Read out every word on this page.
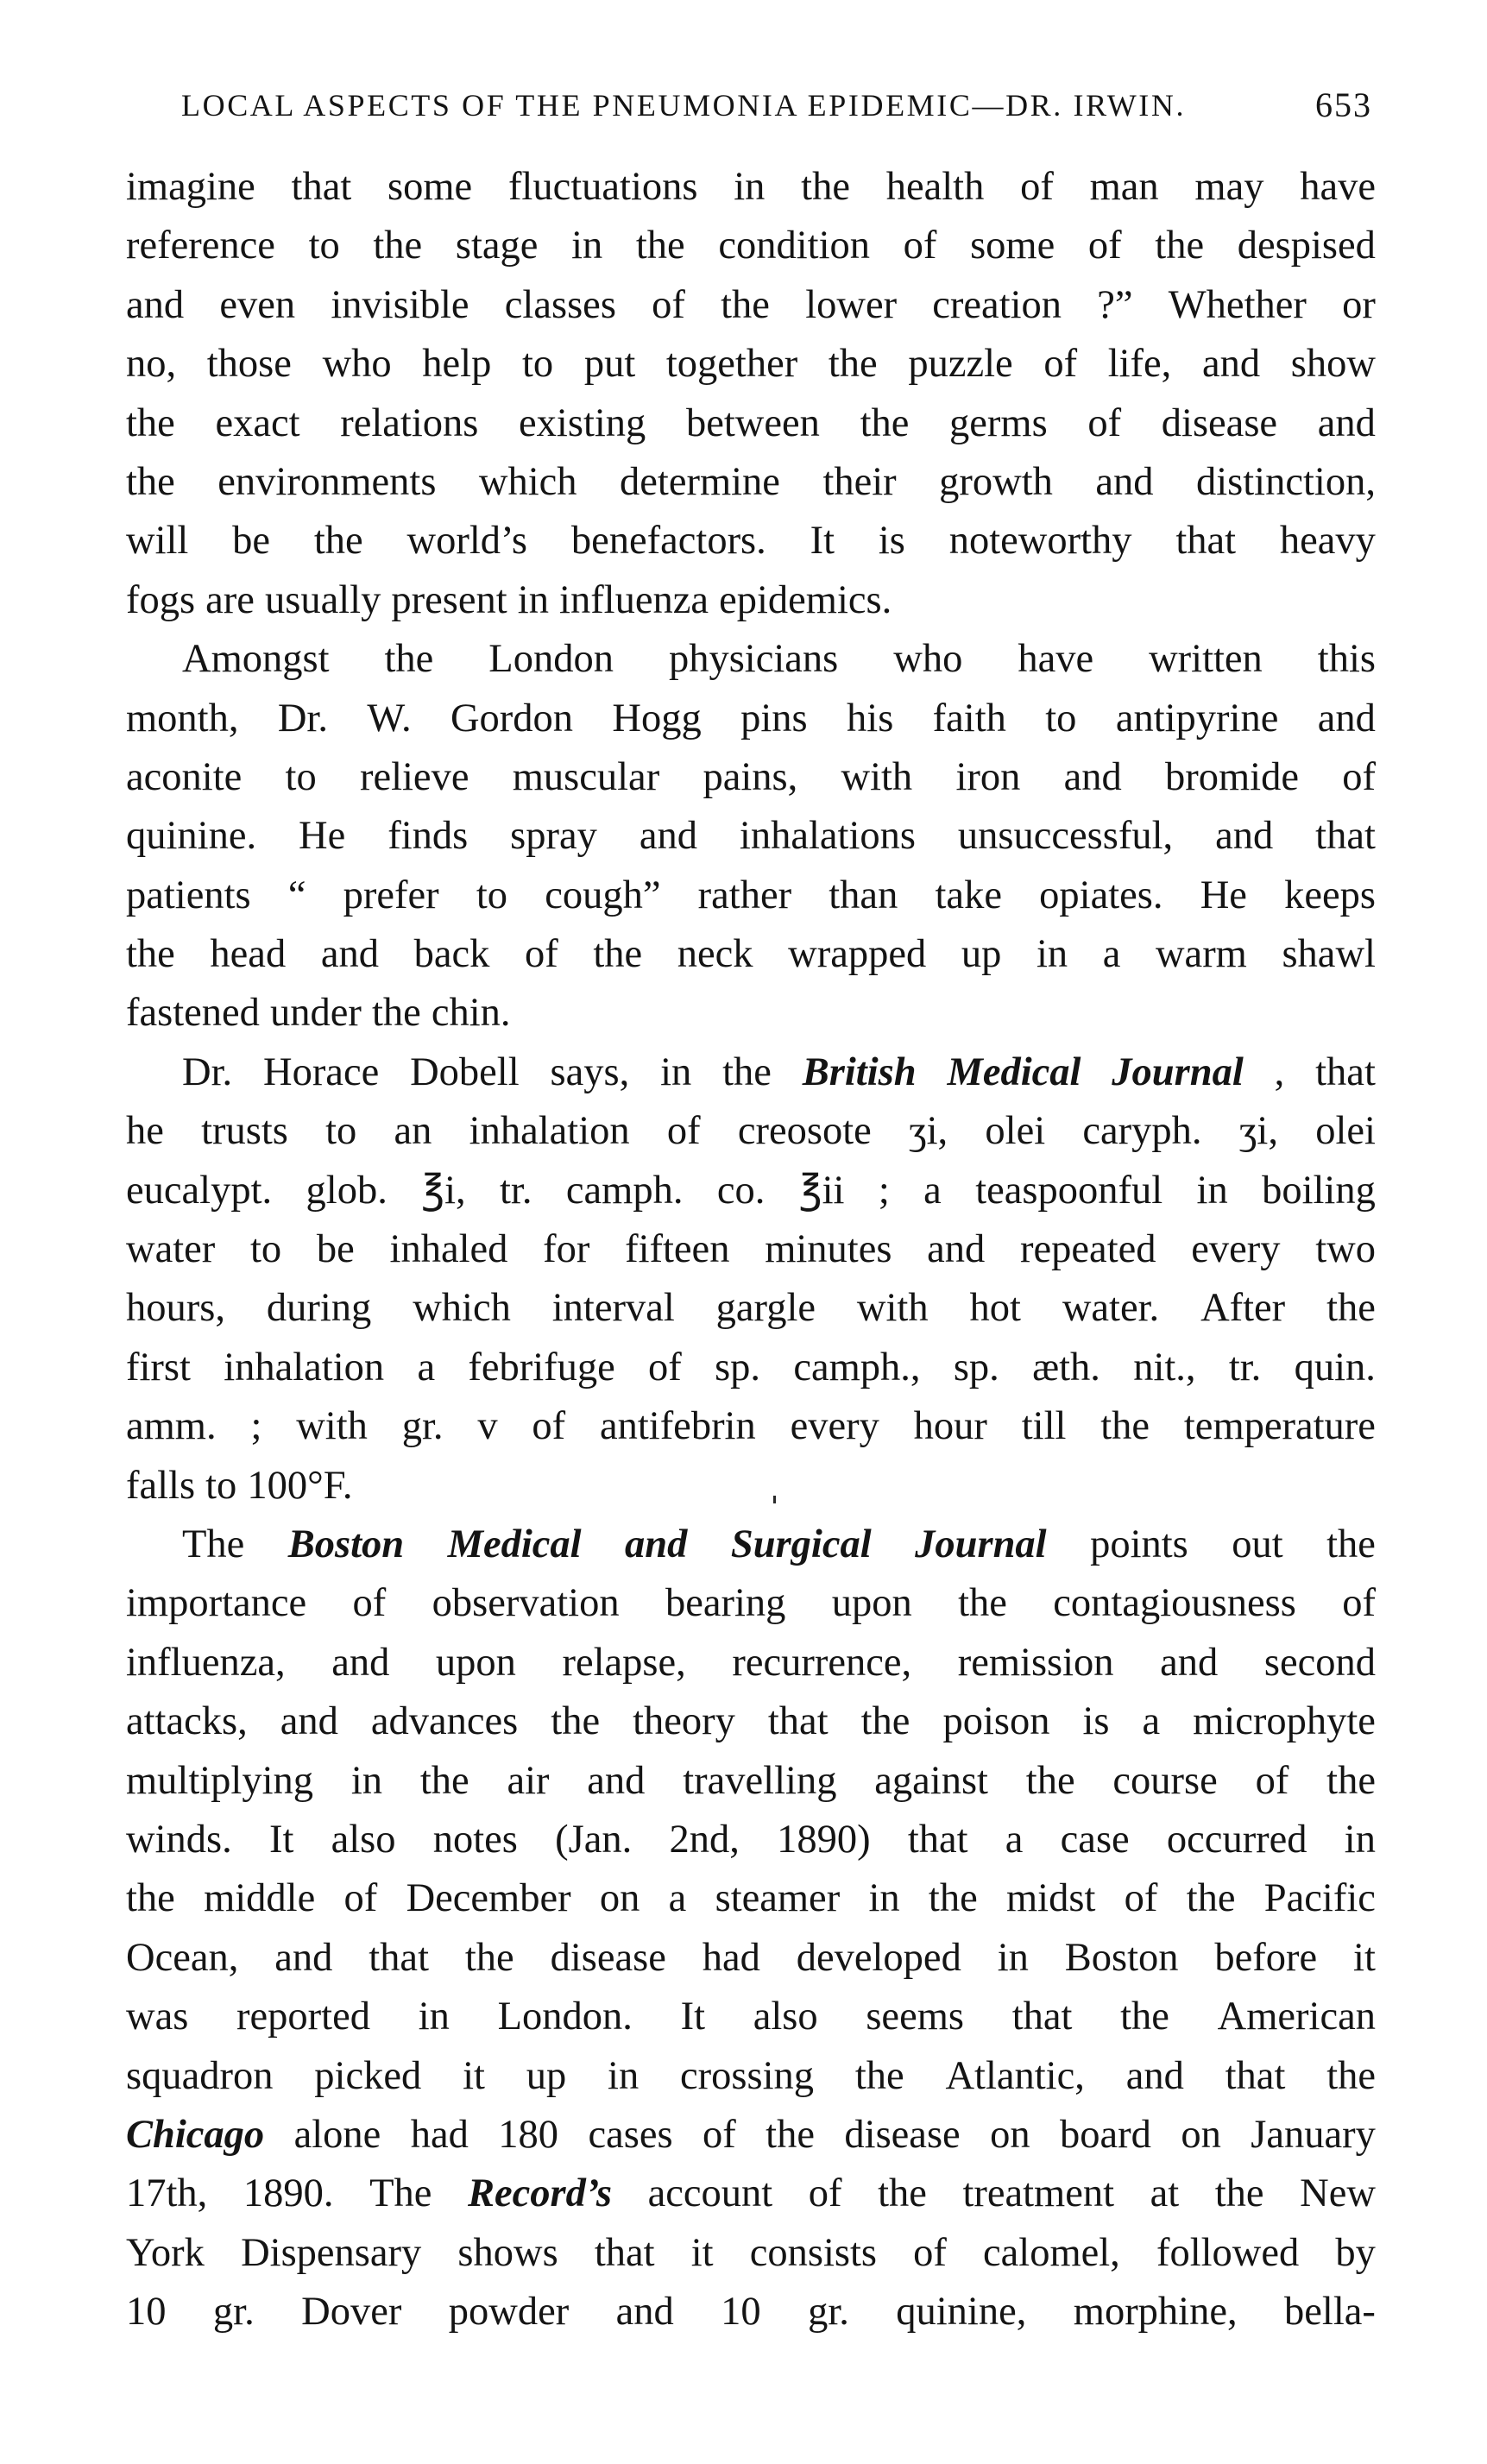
LOCAL ASPECTS OF THE PNEUMONIA EPIDEMIC—DR. IRWIN.	653
imagine that some fluctuations in the health of man may have
reference to the stage in the condition of some of the despised
and even invisible classes of the lower creation ?” Whether or
no, those who help to put together the puzzle of life, and show
the exact relations existing between the germs of disease and
the environments which determine their growth and distinction,
will be the world’s benefactors. It is noteworthy that heavy
fogs are usually present in influenza epidemics.
Amongst the London physicians who have written this
month, Dr. W. Gordon Hogg pins his faith to antipyrine and
aconite to relieve muscular pains, with iron and bromide of
quinine. He finds spray and inhalations unsuccessful, and that
patients “ prefer to cough” rather than take opiates. He keeps
the head and back of the neck wrapped up in a warm shawl
fastened under the chin.
Dr. Horace Dobell says, in the British Medical Journal , that
he trusts to an inhalation of creosote ʒi, olei caryph. ʒi, olei
eucalypt. glob. ℥i, tr. camph. co. ℥ii ; a teaspoonful in boiling
water to be inhaled for fifteen minutes and repeated every two
hours, during which interval gargle with hot water. After the
first inhalation a febrifuge of sp. camph., sp. æth. nit., tr. quin.
amm. ; with gr. v of antifebrin every hour till the temperature
falls to 100°F.
The Boston Medical and Surgical Journal points out the
importance of observation bearing upon the contagiousness of
influenza, and upon relapse, recurrence, remission and second
attacks, and advances the theory that the poison is a microphyte
multiplying in the air and travelling against the course of the
winds. It also notes (Jan. 2nd, 1890) that a case occurred in
the middle of December on a steamer in the midst of the Pacific
Ocean, and that the disease had developed in Boston before it
was reported in London. It also seems that the American
squadron picked it up in crossing the Atlantic, and that the
Chicago alone had 180 cases of the disease on board on January
17th, 1890. The Record’s account of the treatment at the New
York Dispensary shows that it consists of calomel, followed by
10 gr. Dover powder and 10 gr. quinine, morphine, bella-
